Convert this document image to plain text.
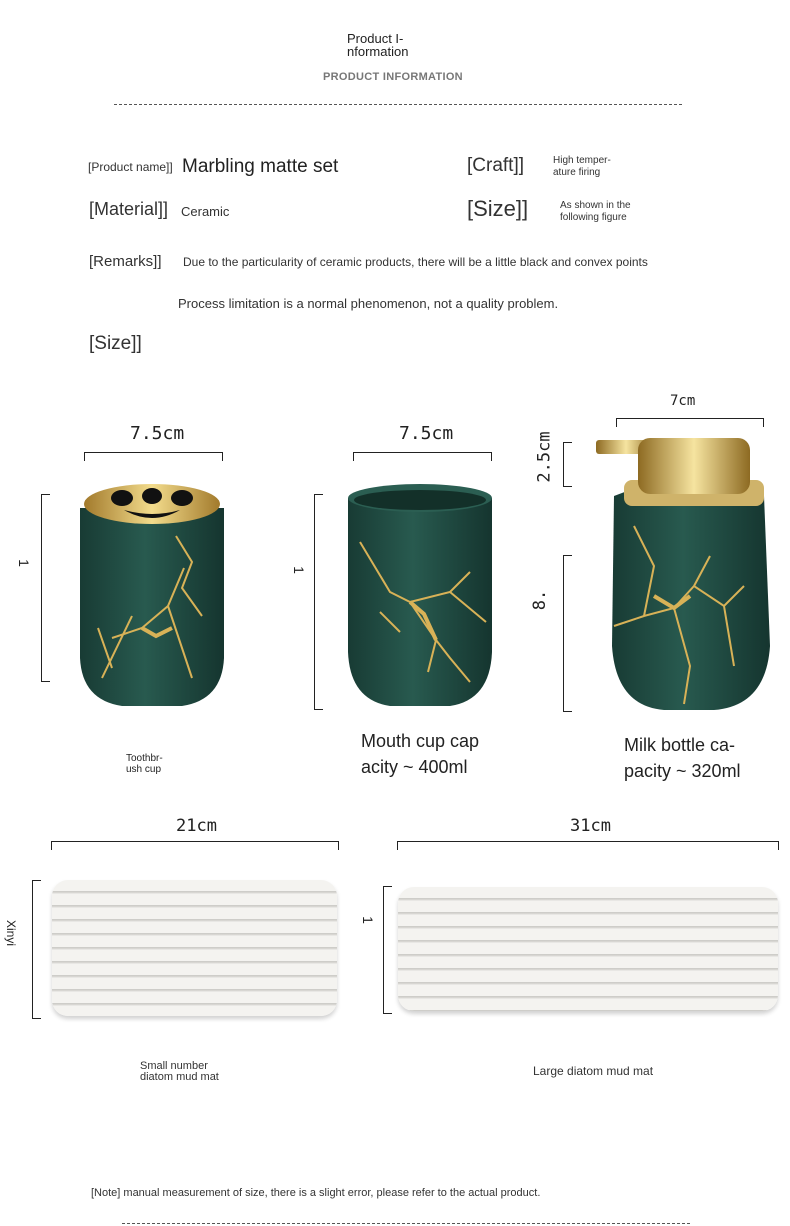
Product I-
nformation
PRODUCT INFORMATION
[Product name]] Marbling matte set	[Craft]]	High temper-
ature firing
[Material]] Ceramic	[Size]]	As shown in the
following figure
[Remarks]] Due to the particularity of ceramic products, there will be a little black and convex points
Process limitation is a normal phenomenon, not a quality problem.
[Size]]
7.5cm
1
Toothbr-
ush cup
7.5cm
1
Mouth cup cap
acity ~ 400ml
7cm
2.5cm
8.
Milk bottle ca-
pacity ~ 320ml
21cm
Xinyi
Small number
diatom mud mat
31cm
1
Large diatom mud mat
[Note] manual measurement of size, there is a slight error, please refer to the actual product.
